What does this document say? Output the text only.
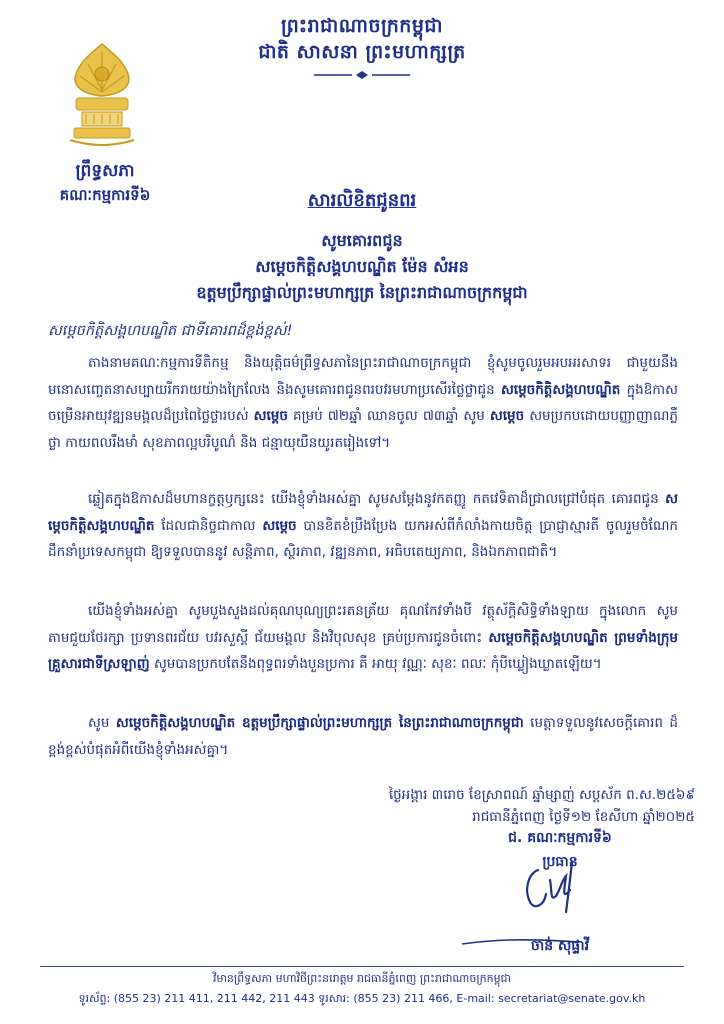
ព្រះរាជាណាចក្រកម្ពុជា
ជាតិ សាសនា ព្រះមហាក្សត្រ
ព្រឹទ្ធសភា
គណៈកម្មការទី៦	សារលិខិតជូនពរ
សូមគោរពជូន
សម្តេចកិត្តិសង្គហបណ្ឌិត ម៉ែន សំអន
ឧត្តមប្រឹក្សាផ្ទាល់ព្រះមហាក្សត្រ នៃព្រះរាជាណាចក្រកម្ពុជា
សម្តេចកិត្តិសង្គហបណ្ឌិត ជាទីគោរពដ៏ខ្ពង់ខ្ពស់!
តាងនាមគណៈកម្មការទីតិកម្ម និងយុត្តិធម៌ព្រឹទ្ធសភានៃព្រះរាជាណាចក្រកម្ពុជា ខ្ញុំសូមចូលរួមអបអរសាទរ ជាមួយនឹងមនោសញ្ចេតនាសប្បាយរីករាយយ៉ាងក្រៃលែង និងសូមគោរពជូនពរបវរមហាប្រសើរថ្លៃថ្លាជូន សម្តេចកិត្តិសង្គហបណ្ឌិត ក្នុងឱកាសចម្រើនអាយុវឌ្ឍនមង្គលដ៏ប្រពៃថ្លៃថ្លារបស់ សម្តេច គម្រប់ ៧២ឆ្នាំ ឈានចូល ៧៣ឆ្នាំ សូម សម្តេច សមប្រកបដោយបញ្ញាញាណភ្លឺថ្លា កាយពលរឹងមាំ សុខភាពល្អបរិបូណ៌ និង ជន្មាយុយឺនយូរតរៀងទៅ។
ឆ្លៀតក្នុងឱកាសដ៏មហានក្ខត្តឫក្សនេះ យើងខ្ញុំទាំងអស់គ្នា សូមសម្តែងនូវកតញ្ញូ កតវេទិតាដ៏ជ្រាលជ្រៅបំផុត គោរពជូន សម្តេចកិត្តិសង្គហបណ្ឌិត ដែលជានិច្ចជាកាល សម្តេច បានខិតខំប្រឹងប្រែង យកអស់ពីកំលាំងកាយចិត្ត ប្រាជ្ញាស្មារតី ចូលរួមចំណែកដឹកនាំប្រទេសកម្ពុជា ឱ្យទទួលបាននូវ សន្តិភាព, ស្ថិរភាព, វឌ្ឍនភាព, អធិបតេយ្យភាព, និងឯកភាពជាតិ។
យើងខ្ញុំទាំងអស់គ្នា សូមបួងសួងដល់គុណបុណ្យព្រះរតនត្រ័យ គុណកែវទាំងបី វត្ថុស័ក្តិសិទ្ធិទាំងឡាយ ក្នុងលោក សូមតាមជួយថែរក្សា ប្រទានពរជ័យ បវរសួស្តី ជ័យមង្គល និងវិបុលសុខ គ្រប់ប្រការជូនចំពោះ សម្តេចកិត្តិសង្គហបណ្ឌិត ព្រមទាំងក្រុមគ្រួសារជាទីស្រឡាញ់ សូមបានប្រកបតែនឹងពុទ្ធពរទាំងបួនប្រការ គឺ អាយុ វណ្ណៈ សុខៈ ពលៈ កុំបីឃ្លៀងឃ្លាតឡើយ។
សូម សម្តេចកិត្តិសង្គហបណ្ឌិត ឧត្តមប្រឹក្សាផ្ទាល់ព្រះមហាក្សត្រ នៃព្រះរាជាណាចក្រកម្ពុជា មេត្តាទទួលនូវសេចក្តីគោរព ដ៏ខ្ពង់ខ្ពស់បំផុតអំពីយើងខ្ញុំទាំងអស់គ្នា។
ថ្ងៃអង្គារ ៣រោច ខែស្រាពណ៍ ឆ្នាំម្សាញ់ សប្តស័ក ព.ស.២៥៦៩
រាជធានីភ្នំពេញ ថ្ងៃទី១២ ខែសីហា ឆ្នាំ២០២៥
ជ. គណៈកម្មការទី៦
ប្រធាន
ចាន់ សុផ្ទាវី
វិមានព្រឹទ្ធសភា មហាវិថីព្រះនរោត្តម រាជធានីភ្នំពេញ ព្រះរាជាណាចក្រកម្ពុជា
ទូរស័ព្ទ: (855 23) 211 411, 211 442, 211 443 ទូរសារ: (855 23) 211 466, E-mail: secretariat@senate.gov.kh
